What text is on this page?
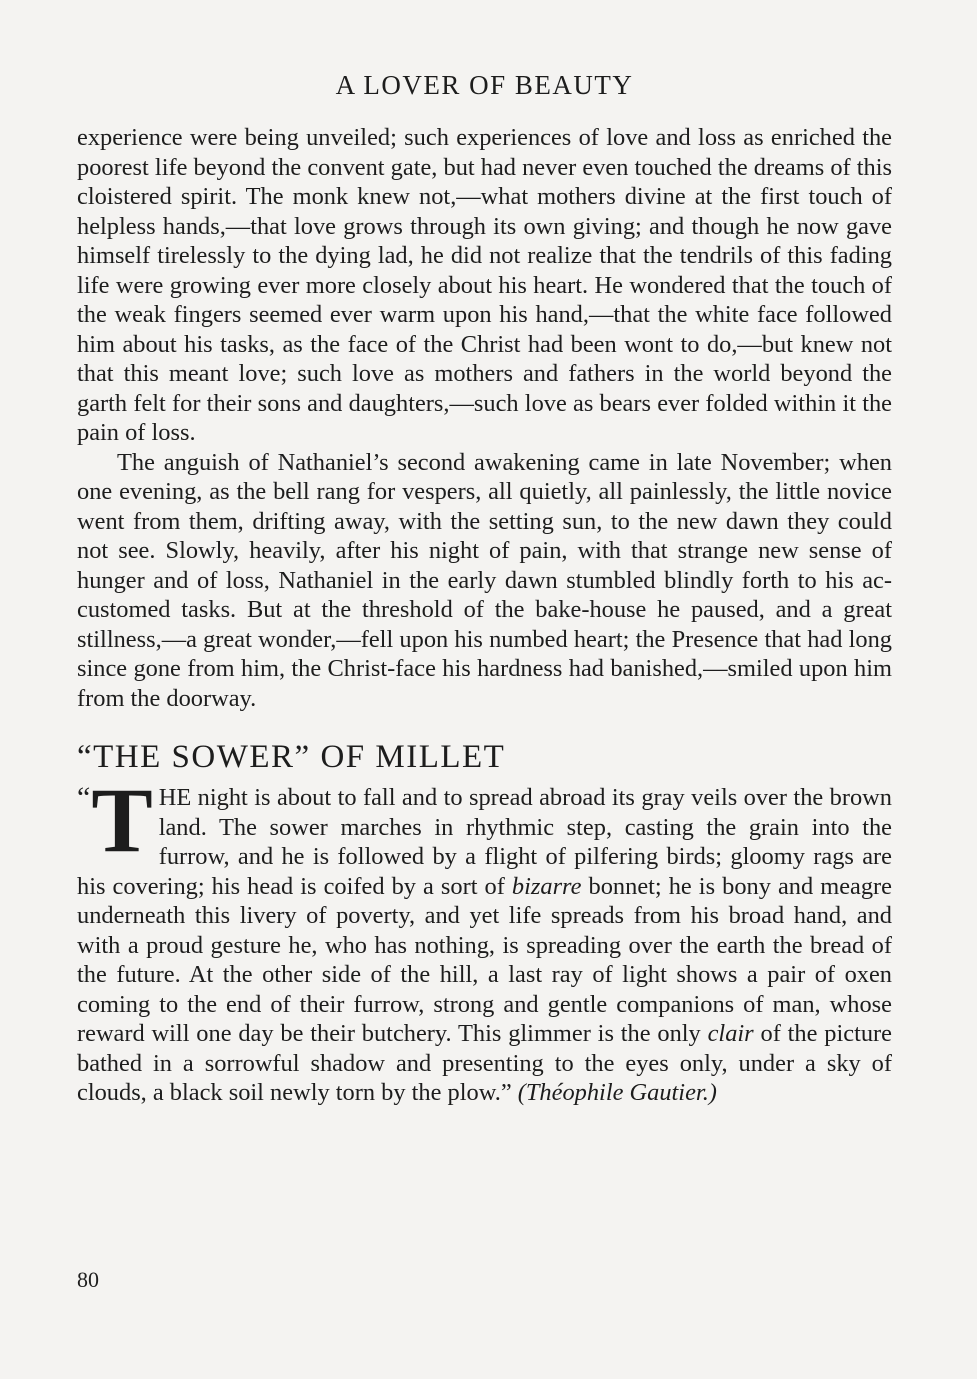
A LOVER OF BEAUTY

experience were being unveiled; such experiences of love and loss as enriched the poorest life beyond the convent gate, but had never even touched the dreams of this cloistered spirit. The monk knew not,—what mothers divine at the first touch of helpless hands,—that love grows through its own giving; and though he now gave himself tirelessly to the dying lad, he did not realize that the tendrils of this fading life were growing ever more closely about his heart. He wondered that the touch of the weak fingers seemed ever warm upon his hand,—that the white face followed him about his tasks, as the face of the Christ had been wont to do,—but knew not that this meant love; such love as mothers and fathers in the world beyond the garth felt for their sons and daughters,—such love as bears ever folded within it the pain of loss.

The anguish of Nathaniel’s second awakening came in late November; when one evening, as the bell rang for vespers, all quietly, all painlessly, the little novice went from them, drifting away, with the setting sun, to the new dawn they could not see. Slowly, heavily, after his night of pain, with that strange new sense of hunger and of loss, Nathaniel in the early dawn stumbled blindly forth to his accustomed tasks. But at the threshold of the bake-house he paused, and a great stillness,—a great wonder,—fell upon his numbed heart; the Presence that had long since gone from him, the Christ-face his hardness had banished,—smiled upon him from the doorway.

“THE SOWER” OF MILLET

“ T HE night is about to fall and to spread abroad its gray veils over the brown land. The sower marches in rhythmic step, casting the grain into the furrow, and he is followed by a flight of pilfering birds; gloomy rags are his covering; his head is coifed by a sort of bizarre bonnet; he is bony and meagre underneath this livery of poverty, and yet life spreads from his broad hand, and with a proud gesture he, who has nothing, is spreading over the earth the bread of the future. At the other side of the hill, a last ray of light shows a pair of oxen coming to the end of their furrow, strong and gentle companions of man, whose reward will one day be their butchery. This glimmer is the only clair of the picture bathed in a sorrowful shadow and presenting to the eyes only, under a sky of clouds, a black soil newly torn by the plow.” (Théophile Gautier.)

80
